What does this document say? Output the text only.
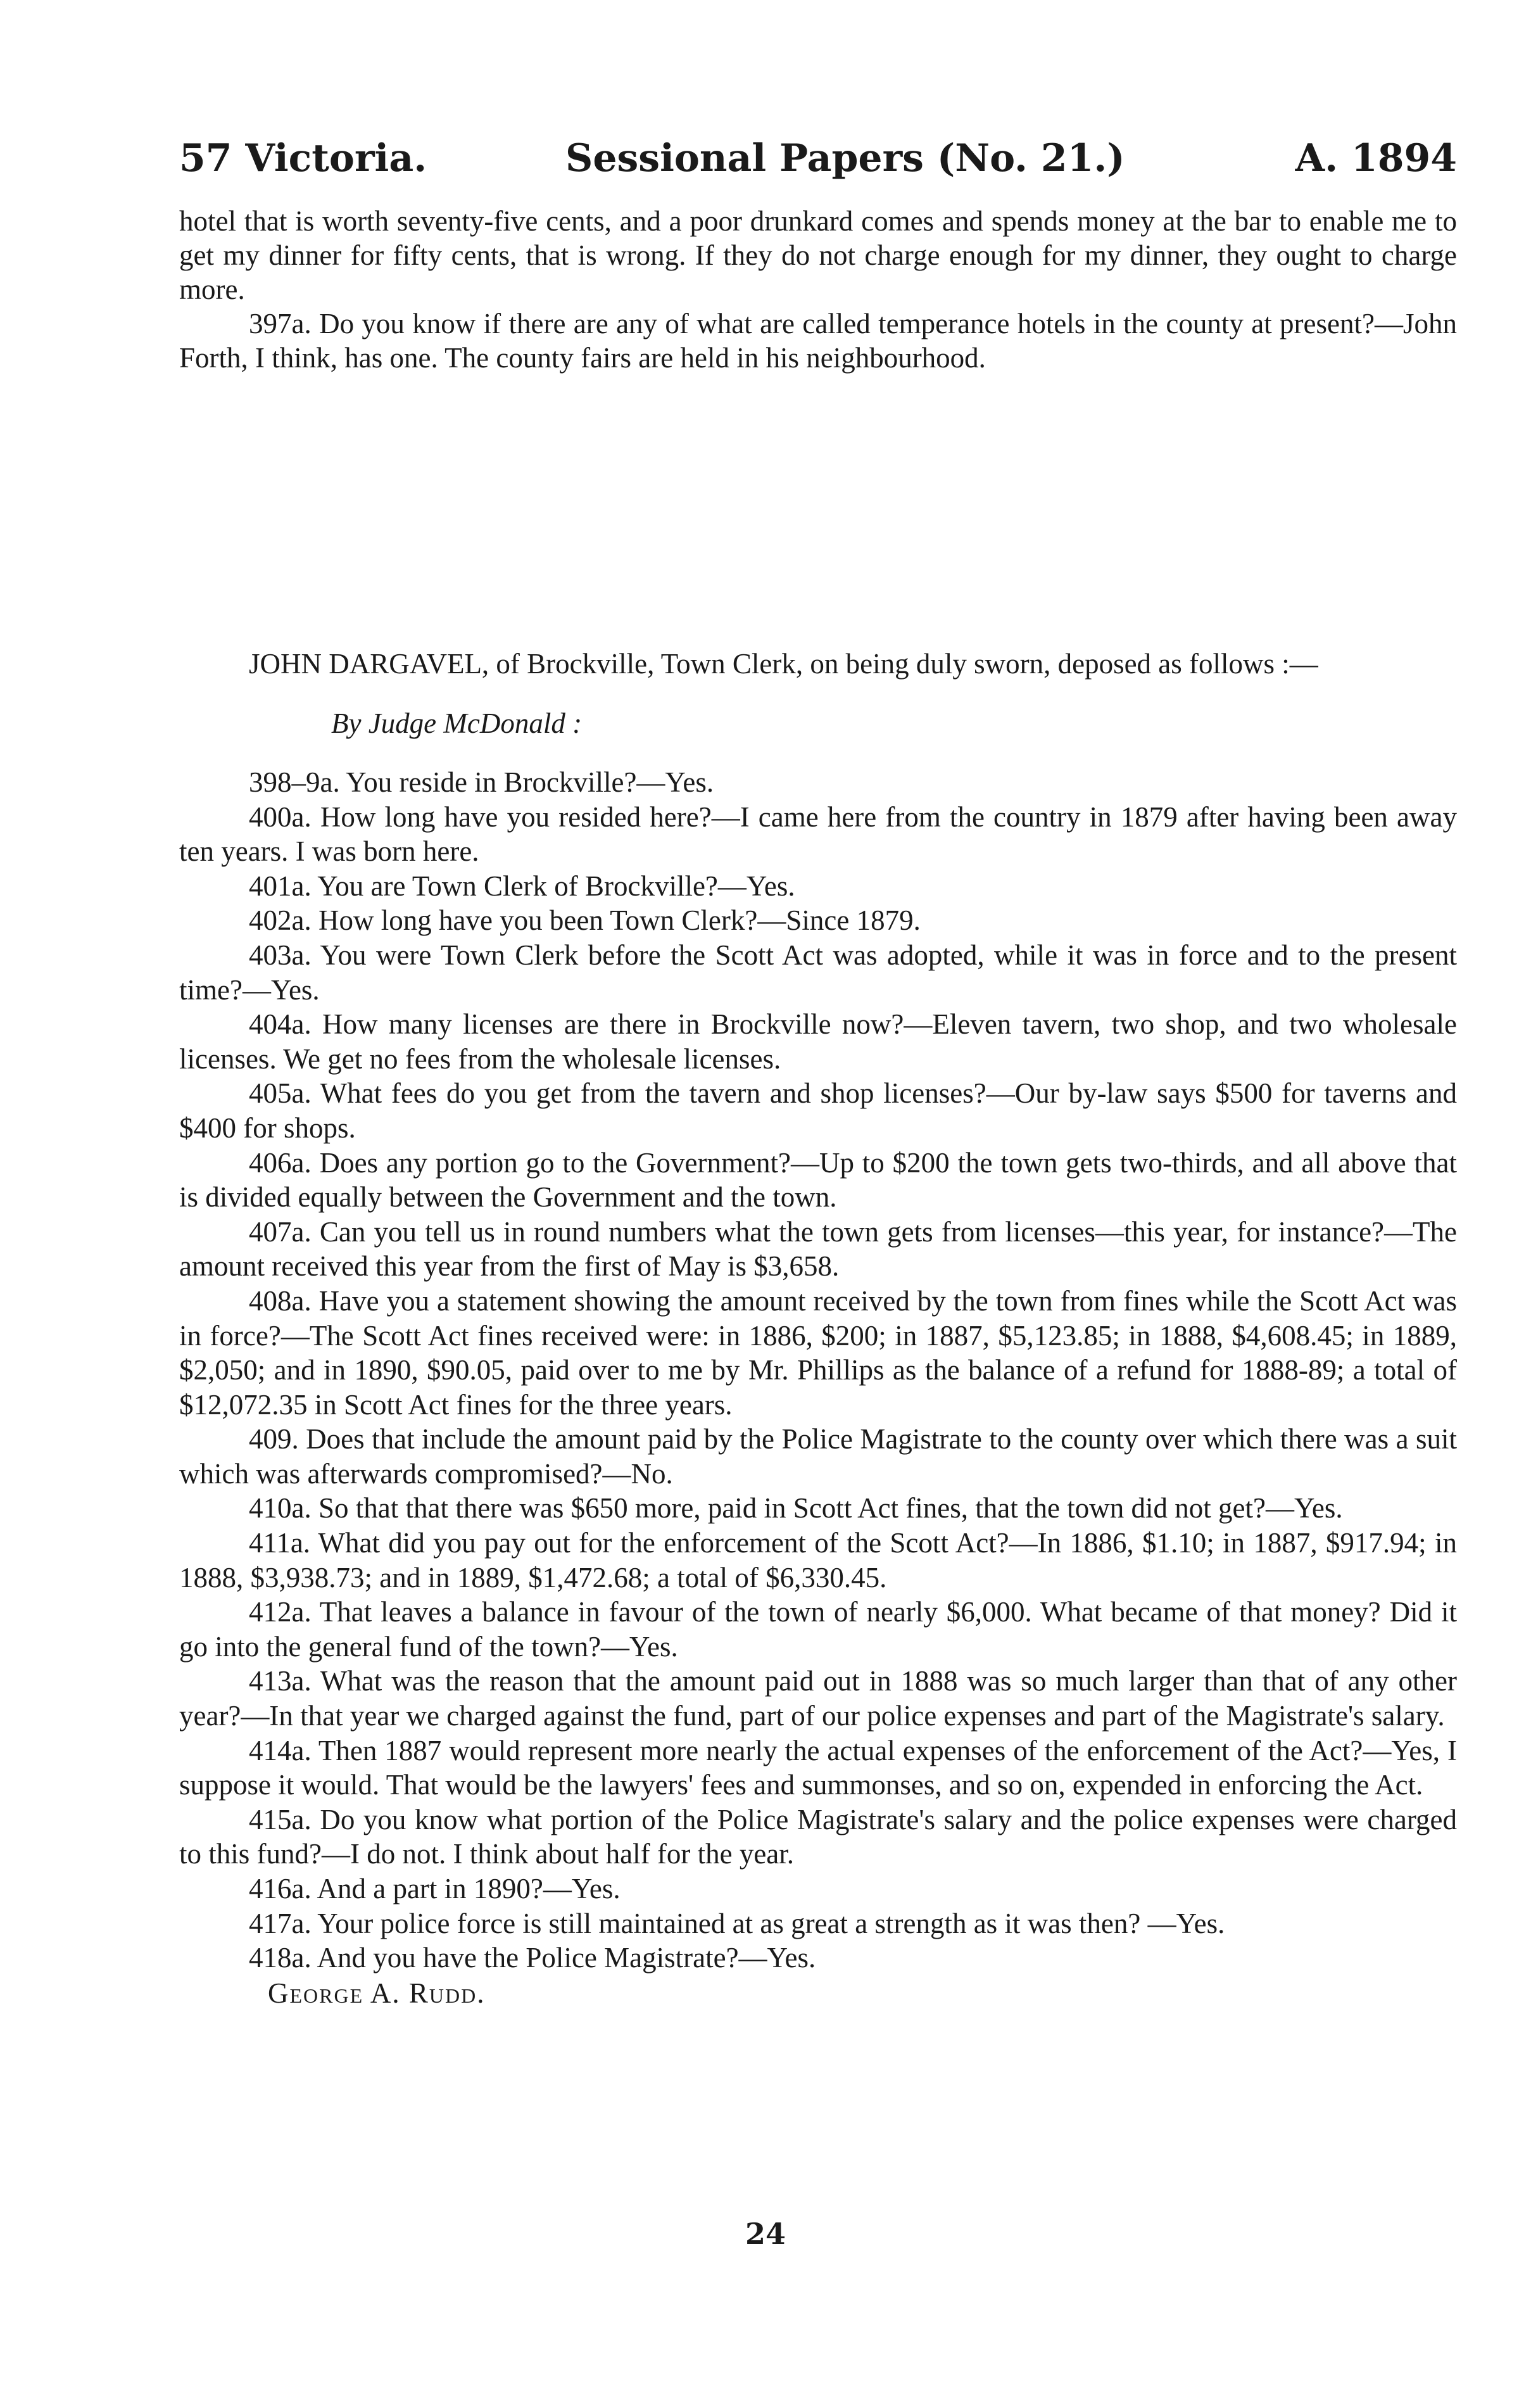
57 Victoria.	Sessional Papers (No. 21.)	A. 1894

hotel that is worth seventy-five cents, and a poor drunkard comes and spends money at the bar to enable me to get my dinner for fifty cents, that is wrong. If they do not charge enough for my dinner, they ought to charge more.

397a. Do you know if there are any of what are called temperance hotels in the county at present?—John Forth, I think, has one. The county fairs are held in his neighbourhood.

JOHN DARGAVEL, of Brockville, Town Clerk, on being duly sworn, deposed as follows :—

By Judge McDonald :

398–9a. You reside in Brockville?—Yes.

400a. How long have you resided here?—I came here from the country in 1879 after having been away ten years. I was born here.

401a. You are Town Clerk of Brockville?—Yes.

402a. How long have you been Town Clerk?—Since 1879.

403a. You were Town Clerk before the Scott Act was adopted, while it was in force and to the present time?—Yes.

404a. How many licenses are there in Brockville now?—Eleven tavern, two shop, and two wholesale licenses. We get no fees from the wholesale licenses.

405a. What fees do you get from the tavern and shop licenses?—Our by-law says $500 for taverns and $400 for shops.

406a. Does any portion go to the Government?—Up to $200 the town gets two-thirds, and all above that is divided equally between the Government and the town.

407a. Can you tell us in round numbers what the town gets from licenses—this year, for instance?—The amount received this year from the first of May is $3,658.

408a. Have you a statement showing the amount received by the town from fines while the Scott Act was in force?—The Scott Act fines received were: in 1886, $200; in 1887, $5,123.85; in 1888, $4,608.45; in 1889, $2,050; and in 1890, $90.05, paid over to me by Mr. Phillips as the balance of a refund for 1888-89; a total of $12,072.35 in Scott Act fines for the three years.

409. Does that include the amount paid by the Police Magistrate to the county over which there was a suit which was afterwards compromised?—No.

410a. So that that there was $650 more, paid in Scott Act fines, that the town did not get?—Yes.

411a. What did you pay out for the enforcement of the Scott Act?—In 1886, $1.10; in 1887, $917.94; in 1888, $3,938.73; and in 1889, $1,472.68; a total of $6,330.45.

412a. That leaves a balance in favour of the town of nearly $6,000. What became of that money? Did it go into the general fund of the town?—Yes.

413a. What was the reason that the amount paid out in 1888 was so much larger than that of any other year?—In that year we charged against the fund, part of our police expenses and part of the Magistrate's salary.

414a. Then 1887 would represent more nearly the actual expenses of the enforcement of the Act?—Yes, I suppose it would. That would be the lawyers' fees and summonses, and so on, expended in enforcing the Act.

415a. Do you know what portion of the Police Magistrate's salary and the police expenses were charged to this fund?—I do not. I think about half for the year.

416a. And a part in 1890?—Yes.

417a. Your police force is still maintained at as great a strength as it was then? —Yes.

418a. And you have the Police Magistrate?—Yes.

George A. Rudd.

24
